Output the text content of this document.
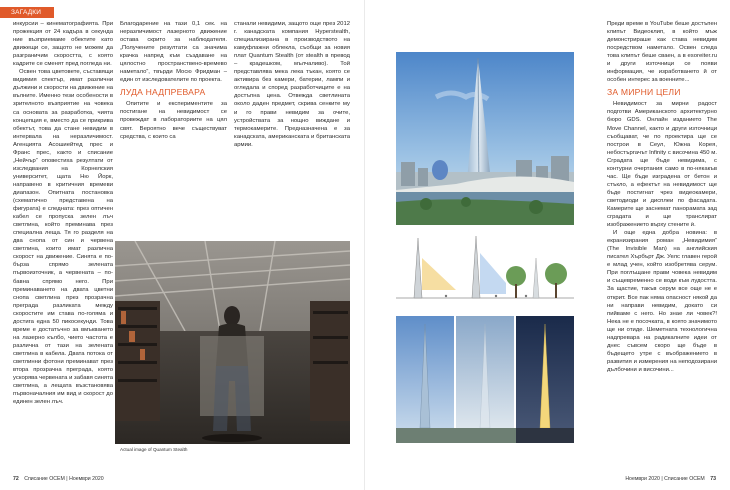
ЗАГАДКИ

инкурсии – кинематографията. При прожекция от 24 кадъра в секунда ние възприемаме обектите като движещи се, защото не можем да разграничим скоростта, с която кадрите се сменят пред погледа ни.

Освен това цветовете, съставящи видимия спектър, имат различни дължини и скорости на движение на вълните. Именно тези особености в зрителното възприятие на човека са основата за разработка, чията концепция е, вместо да се прикрива обектът, това да стане невидим в интервала на неразличимост. Агенцията Асошиейтед прес и Франс прес, както и списание „Нейчър“ оповестиха резултати от изследвания на Корнелския университет, щата Ню Йорк, направено в критичния времеви диапазон. Опитната постановка (схематично представена на фигурата) е следната: през оптичен кабел се пропуска зелен лъч светлина, който преминава през специална леща. Тя го разделя на два снопа от син и червена светлина, които имат различна скорост на движение. Синята е по-бърза спрямо зелената първоизточник, а червената – по-бавна спрямо него. При преминаването на двата цветни снопа светлина през прозрачна преграда разликата между скоростите им става по-голяма и достига една 50 пикосекунди. Това време е достатъчно за вмъкването на лазерно кълбо, чието частота е различна от тази на зелената светлина в кабела. Двата потока от светлинни фотони преминават през втора прозрачна преграда, която ускорява червената и забавя синята светлина, а лещата възстановява първоначалния им вид и скорост до единен зелен лъч.

Благодарение на тази 0,1 сек. на неразличимост лазерното движение остава скрито за наблюдателя. „Получените резултати са значима крачка напред към създаване на цялостно пространствено-времево наметало“, твърди Мосю Фридман – един от изследователите по проекта.

ЛУДА НАДПРЕВАРА

Опитите и експериментите за постигане на невидимост се провеждат в лабораториите на цял свят. Вероятно вече съществуват средства, с които са

станали невидими, защото още през 2012 г. канадската компания Hyperstealth, специализирана в производството на камуфлажни облекла, съобщи за новия плат Quantum Stealth (от stealth в превод – крадешком, мълчаливо). Той представлява мека лека тъкан, която се активира без камери, батерии, лампи и огледала и според разработчиците е на достъпна цена. Отвежда светлината около даден предмет, скрива сенките му и го прави невидим за очите, устройствата за нощно виждане и термокамерите. Предназначена е за канадската, американската и британската армии.

Actual image of Quantum Stealth
72 Списание ОСЕМ | Ноември 2020	Ноември 2020 | Списание ОСЕМ 73

Преди време в YouTube беше достъпен клипът Видеоклип, в който мъж демонстрираше как става невидим посредством наметало. Освен следа това клипът беше сваен, а в esoreiter.ru и други източници се появи информация, че изработването й от особен интерес за военните...

ЗА МИРНИ ЦЕЛИ

Невидимост за мирни радост подготви Американското архитектурно бюро GDS. Онлайн изданието The Move Channel, както и други източници съобщават, че по проектира ще се построи в Сеул, Южна Корея, небостъргачът Infinity с височина 450 м. Сградата ще бъде невидима, с контурни очертания само в по-някакъв час. Ще бъде изградена от бетон и стъкло, а ефектът на невидимост ще бъде постигнат чрез видеокамери, светодиоди и дисплеи по фасадата. Камерите ще заснемат панорамата зад сградата и ще транслират изображението върху стените ѝ.

И още една добра новина: в екранизирания роман „Невидимия“ (The Invisible Man) на английския писател Хърбърт Дж. Уелс главен герой е млад учен, който изобретява серум. При поглъщане прави човека невидим и същевременно се води към лудостта. За щастие, такъв серум все още не е открит. Все пак няма опасност някой да ни направи невидим, докато си пийваме с него. Но знае ли човек?! Нека не е посочката, в която значимото ще ни отиде. Шеметната технологична надпревара на радикалните идеи от днес съвсем скоро ще бъде в бъдещето утре с въображението в развития и измерения на неподозирани дълбочини и височини...
